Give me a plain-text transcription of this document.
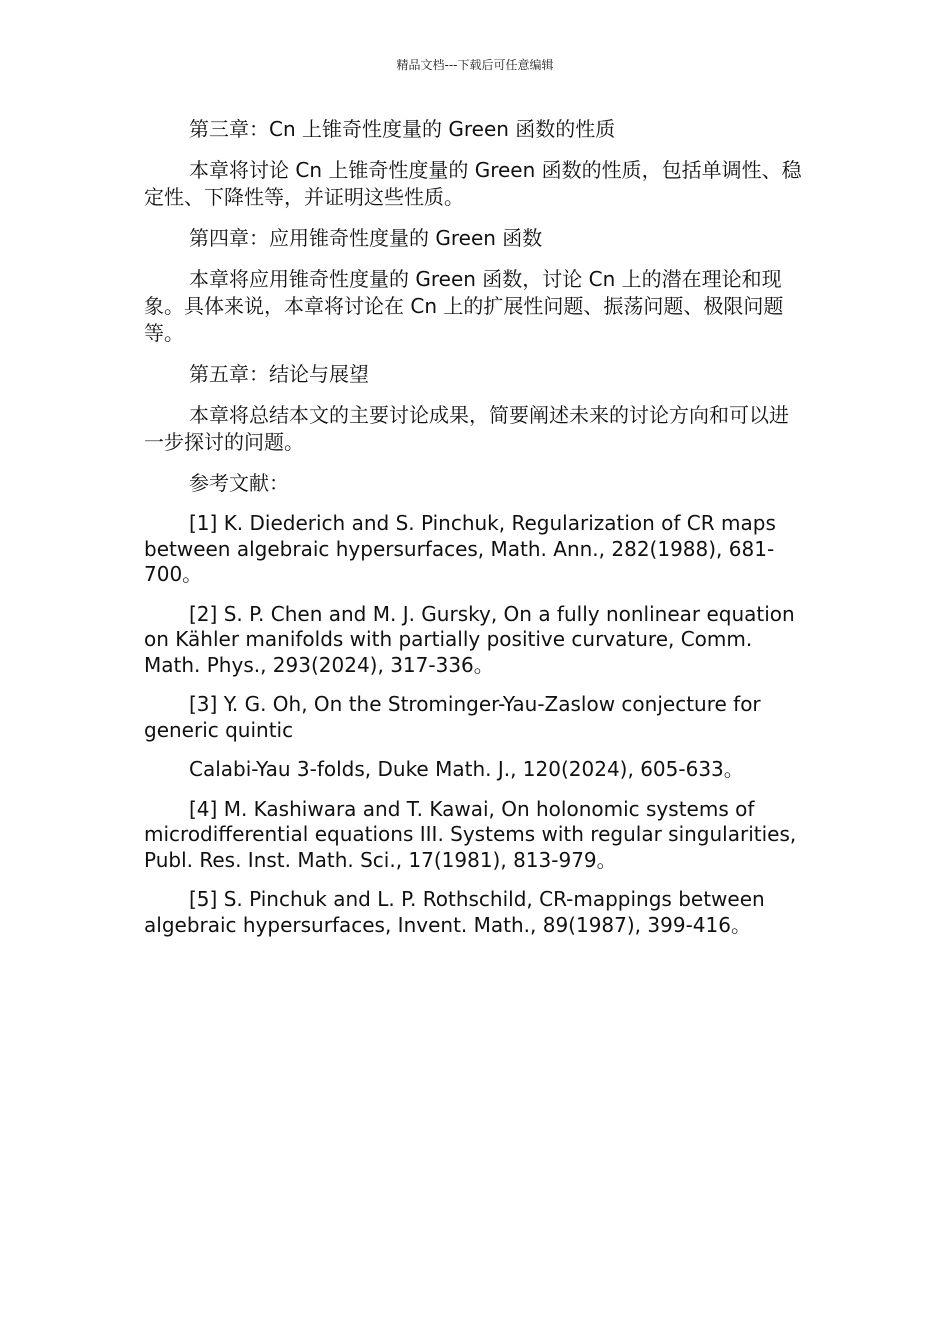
精品文档---下载后可任意编辑

第三章：Cn 上锥奇性度量的 Green 函数的性质

本章将讨论 Cn 上锥奇性度量的 Green 函数的性质，包括单调性、稳定性、下降性等，并证明这些性质。

第四章：应用锥奇性度量的 Green 函数

本章将应用锥奇性度量的 Green 函数，讨论 Cn 上的潜在理论和现象。具体来说，本章将讨论在 Cn 上的扩展性问题、振荡问题、极限问题等。

第五章：结论与展望

本章将总结本文的主要讨论成果，简要阐述未来的讨论方向和可以进一步探讨的问题。

参考文献：

[1] K. Diederich and S. Pinchuk, Regularization of CR maps between algebraic hypersurfaces, Math. Ann., 282(1988), 681-700。

[2] S. P. Chen and M. J. Gursky, On a fully nonlinear equation on Kähler manifolds with partially positive curvature, Comm. Math. Phys., 293(2024), 317-336。

[3] Y. G. Oh, On the Strominger-Yau-Zaslow conjecture for generic quintic

Calabi-Yau 3-folds, Duke Math. J., 120(2024), 605-633。

[4] M. Kashiwara and T. Kawai, On holonomic systems of microdifferential equations III. Systems with regular singularities, Publ. Res. Inst. Math. Sci., 17(1981), 813-979。

[5] S. Pinchuk and L. P. Rothschild, CR-mappings between algebraic hypersurfaces, Invent. Math., 89(1987), 399-416。
